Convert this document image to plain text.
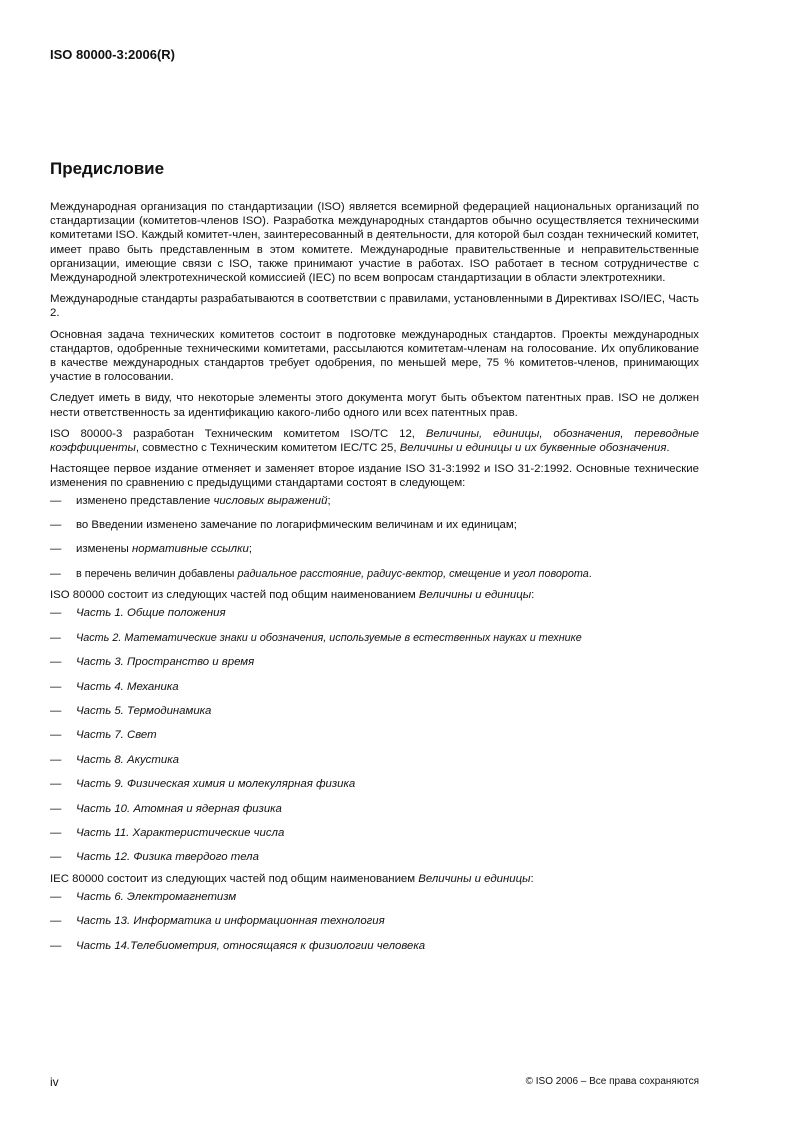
ISO 80000-3:2006(R)
Предисловие

Международная организация по стандартизации (ISO) является всемирной федерацией национальных организаций по стандартизации (комитетов-членов ISO). Разработка международных стандартов обычно осуществляется техническими комитетами ISO. Каждый комитет-член, заинтересованный в деятельности, для которой был создан технический комитет, имеет право быть представленным в этом комитете. Международные правительственные и неправительственные организации, имеющие связи с ISO, также принимают участие в работах. ISO работает в тесном сотрудничестве с Международной электротехнической комиссией (IEC) по всем вопросам стандартизации в области электротехники.

Международные стандарты разрабатываются в соответствии с правилами, установленными в Директивах ISO/IEC, Часть 2.

Основная задача технических комитетов состоит в подготовке международных стандартов. Проекты международных стандартов, одобренные техническими комитетами, рассылаются комитетам-членам на голосование. Их опубликование в качестве международных стандартов требует одобрения, по меньшей мере, 75 % комитетов-членов, принимающих участие в голосовании.

Следует иметь в виду, что некоторые элементы этого документа могут быть объектом патентных прав. ISO не должен нести ответственность за идентификацию какого-либо одного или всех патентных прав.

ISO 80000-3 разработан Техническим комитетом ISO/TC 12, Величины, единицы, обозначения, переводные коэффициенты, совместно с Техническим комитетом IEC/TC 25, Величины и единицы и их буквенные обозначения.

Настоящее первое издание отменяет и заменяет второе издание ISO 31-3:1992 и ISO 31-2:1992. Основные технические изменения по сравнению с предыдущими стандартами состоят в следующем:

—	изменено представление числовых выражений;
—	во Введении изменено замечание по логарифмическим величинам и их единицам;
—	изменены нормативные ссылки;
—	в перечень величин добавлены радиальное расстояние, радиус-вектор, смещение и угол поворота.

ISO 80000 состоит из следующих частей под общим наименованием Величины и единицы:

—	Часть 1. Общие положения
—	Часть 2. Математические знаки и обозначения, используемые в естественных науках и технике
—	Часть 3. Пространство и время
—	Часть 4. Механика
—	Часть 5. Термодинамика
—	Часть 7. Свет
—	Часть 8. Акустика
—	Часть 9. Физическая химия и молекулярная физика
—	Часть 10. Атомная и ядерная физика
—	Часть 11. Характеристические числа
—	Часть 12. Физика твердого тела

IEC 80000 состоит из следующих частей под общим наименованием Величины и единицы:

—	Часть 6. Электромагнетизм
—	Часть 13. Информатика и информационная технология
—	Часть 14.Телебиометрия, относящаяся к физиологии человека
iv	© ISO 2006 – Все права сохраняются
